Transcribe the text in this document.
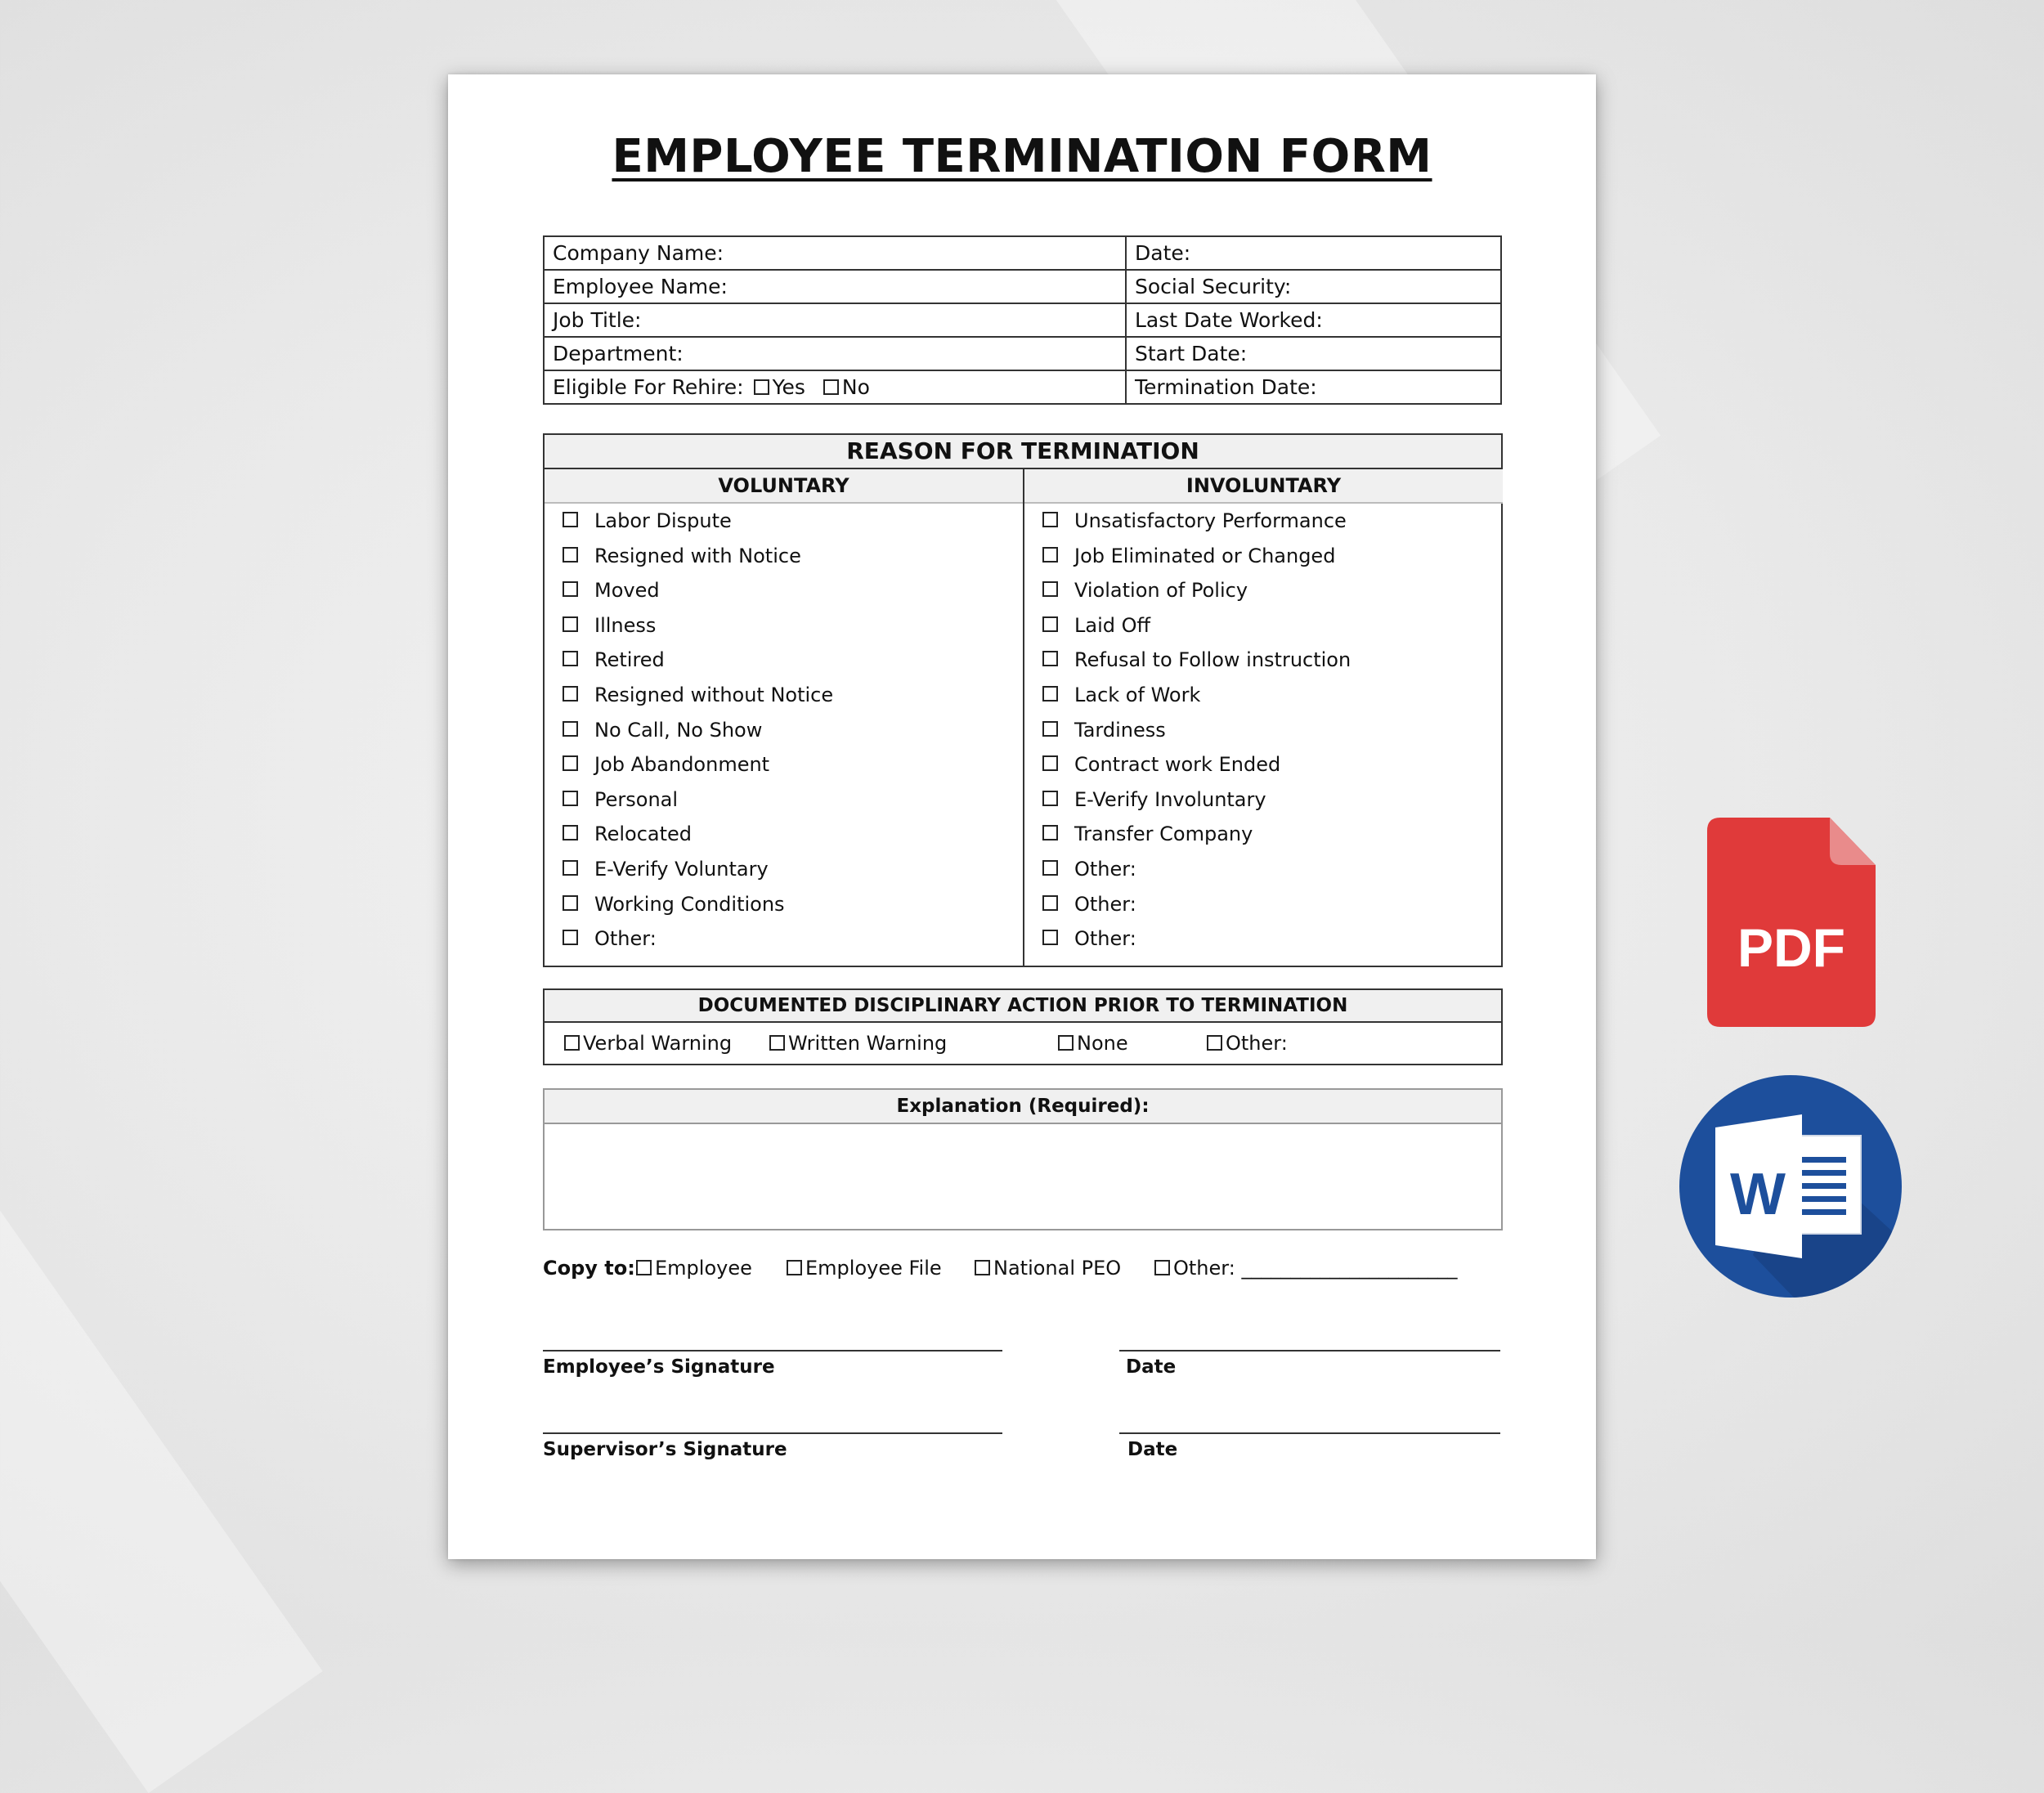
EMPLOYEE TERMINATION FORM
Company Name:	Date:
Employee Name:	Social Security:
Job Title:	Last Date Worked:
Department:	Start Date:
Eligible For Rehire: Yes No	Termination Date:
REASON FOR TERMINATION
VOLUNTARY
Labor Dispute
Resigned with Notice
Moved
Illness
Retired
Resigned without Notice
No Call, No Show
Job Abandonment
Personal
Relocated
E-Verify Voluntary
Working Conditions
Other:
INVOLUNTARY
Unsatisfactory Performance
Job Eliminated or Changed
Violation of Policy
Laid Off
Refusal to Follow instruction
Lack of Work
Tardiness
Contract work Ended
E-Verify Involuntary
Transfer Company
Other:
Other:
Other:
DOCUMENTED DISCIPLINARY ACTION PRIOR TO TERMINATION
Verbal Warning	Written Warning	None	Other:
Explanation (Required):
Copy to:	Employee	Employee File	National PEO	Other: ______________________
Employee’s Signature	Date
Supervisor’s Signature	Date
PDF
W
